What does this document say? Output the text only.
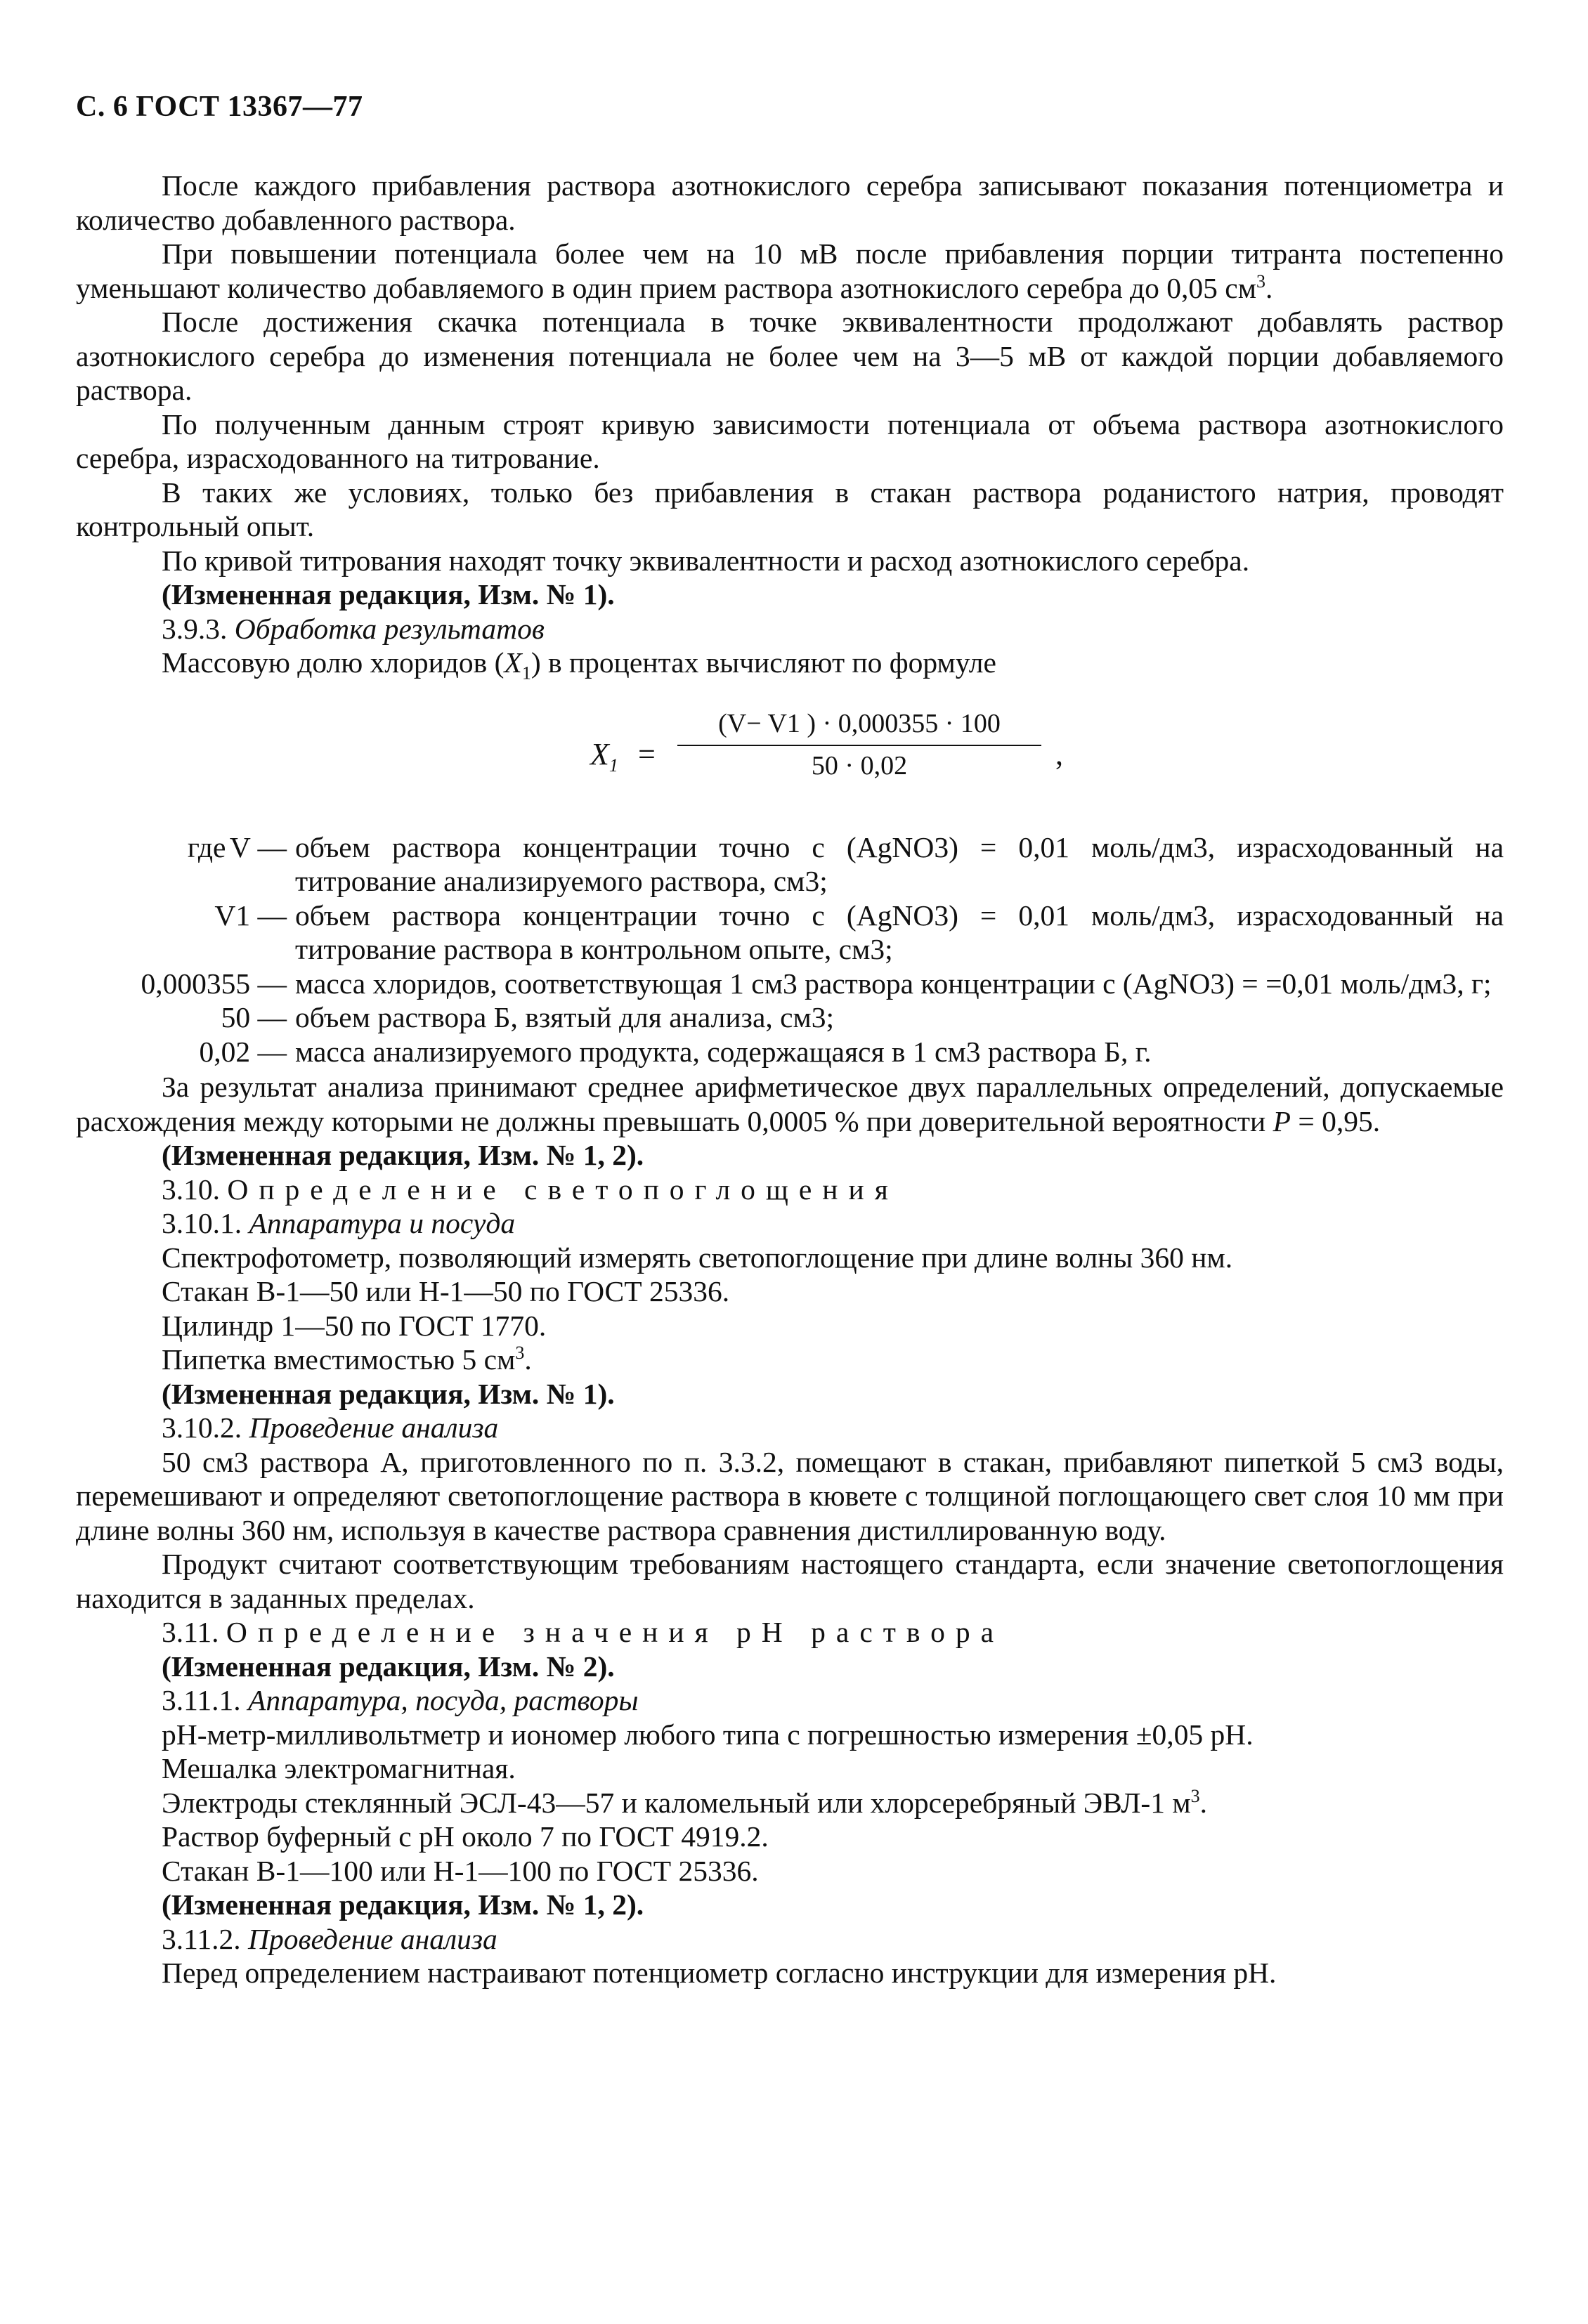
С. 6 ГОСТ 13367—77

После каждого прибавления раствора азотнокислого серебра записывают показания потенциометра и количество добавленного раствора.

При повышении потенциала более чем на 10 мВ после прибавления порции титранта постепенно уменьшают количество добавляемого в один прием раствора азотнокислого серебра до 0,05 $см^3$.

После достижения скачка потенциала в точке эквивалентности продолжают добавлять раствор азотнокислого серебра до изменения потенциала не более чем на 3—5 мВ от каждой порции добавляемого раствора.

По полученным данным строят кривую зависимости потенциала от объема раствора азотнокислого серебра, израсходованного на титрование.

В таких же условиях, только без прибавления в стакан раствора роданистого натрия, проводят контрольный опыт.

По кривой титрования находят точку эквивалентности и расход азотнокислого серебра.

(Измененная редакция, Изм. № 1).

3.9.3. Обработка результатов

Массовую долю хлоридов $(X_1)$ в процентах вычисляют по формуле

$X_1$ =
(V− V1 ) · 0,000355 · 100
50 · 0,02	,
где V — объем раствора концентрации точно c (AgNO3) = 0,01 моль/дм3, израсходованный на титрование анализируемого раствора, см3;
V1 — объем раствора концентрации точно c (AgNO3) = 0,01 моль/дм3, израсходованный на титрование раствора в контрольном опыте, см3;
0,000355 — масса хлоридов, соответствующая 1 см3 раствора концентрации c (AgNO3) = =0,01 моль/дм3, г;
50 — объем раствора Б, взятый для анализа, см3;
0,02 — масса анализируемого продукта, содержащаяся в 1 см3 раствора Б, г.

За результат анализа принимают среднее арифметическое двух параллельных определений, допускаемые расхождения между которыми не должны превышать 0,0005 % при доверительной вероятности P = 0,95.

(Измененная редакция, Изм. № 1, 2).

3.10. Определение светопоглощения

3.10.1. Аппаратура и посуда

Спектрофотометр, позволяющий измерять светопоглощение при длине волны 360 нм.

Стакан В-1—50 или Н-1—50 по ГОСТ 25336.

Цилиндр 1—50 по ГОСТ 1770.

Пипетка вместимостью 5 $см^3$.

(Измененная редакция, Изм. № 1).

3.10.2. Проведение анализа

50 см3 раствора А, приготовленного по п. 3.3.2, помещают в стакан, прибавляют пипеткой 5 см3 воды, перемешивают и определяют светопоглощение раствора в кювете с толщиной поглощающего свет слоя 10 мм при длине волны 360 нм, используя в качестве раствора сравнения дистиллированную воду.

Продукт считают соответствующим требованиям настоящего стандарта, если значение светопоглощения находится в заданных пределах.

3.11. Определение значения рН раствора

(Измененная редакция, Изм. № 2).

3.11.1. Аппаратура, посуда, растворы

рН-метр-милливольтметр и иономер любого типа с погрешностью измерения ±0,05 рН.

Мешалка электромагнитная.

Электроды стеклянный ЭСЛ-43—57 и каломельный или хлорсеребряный ЭВЛ-1 $м^3$.

Раствор буферный с рН около 7 по ГОСТ 4919.2.

Стакан В-1—100 или Н-1—100 по ГОСТ 25336.

(Измененная редакция, Изм. № 1, 2).

3.11.2. Проведение анализа

Перед определением настраивают потенциометр согласно инструкции для измерения рН.
